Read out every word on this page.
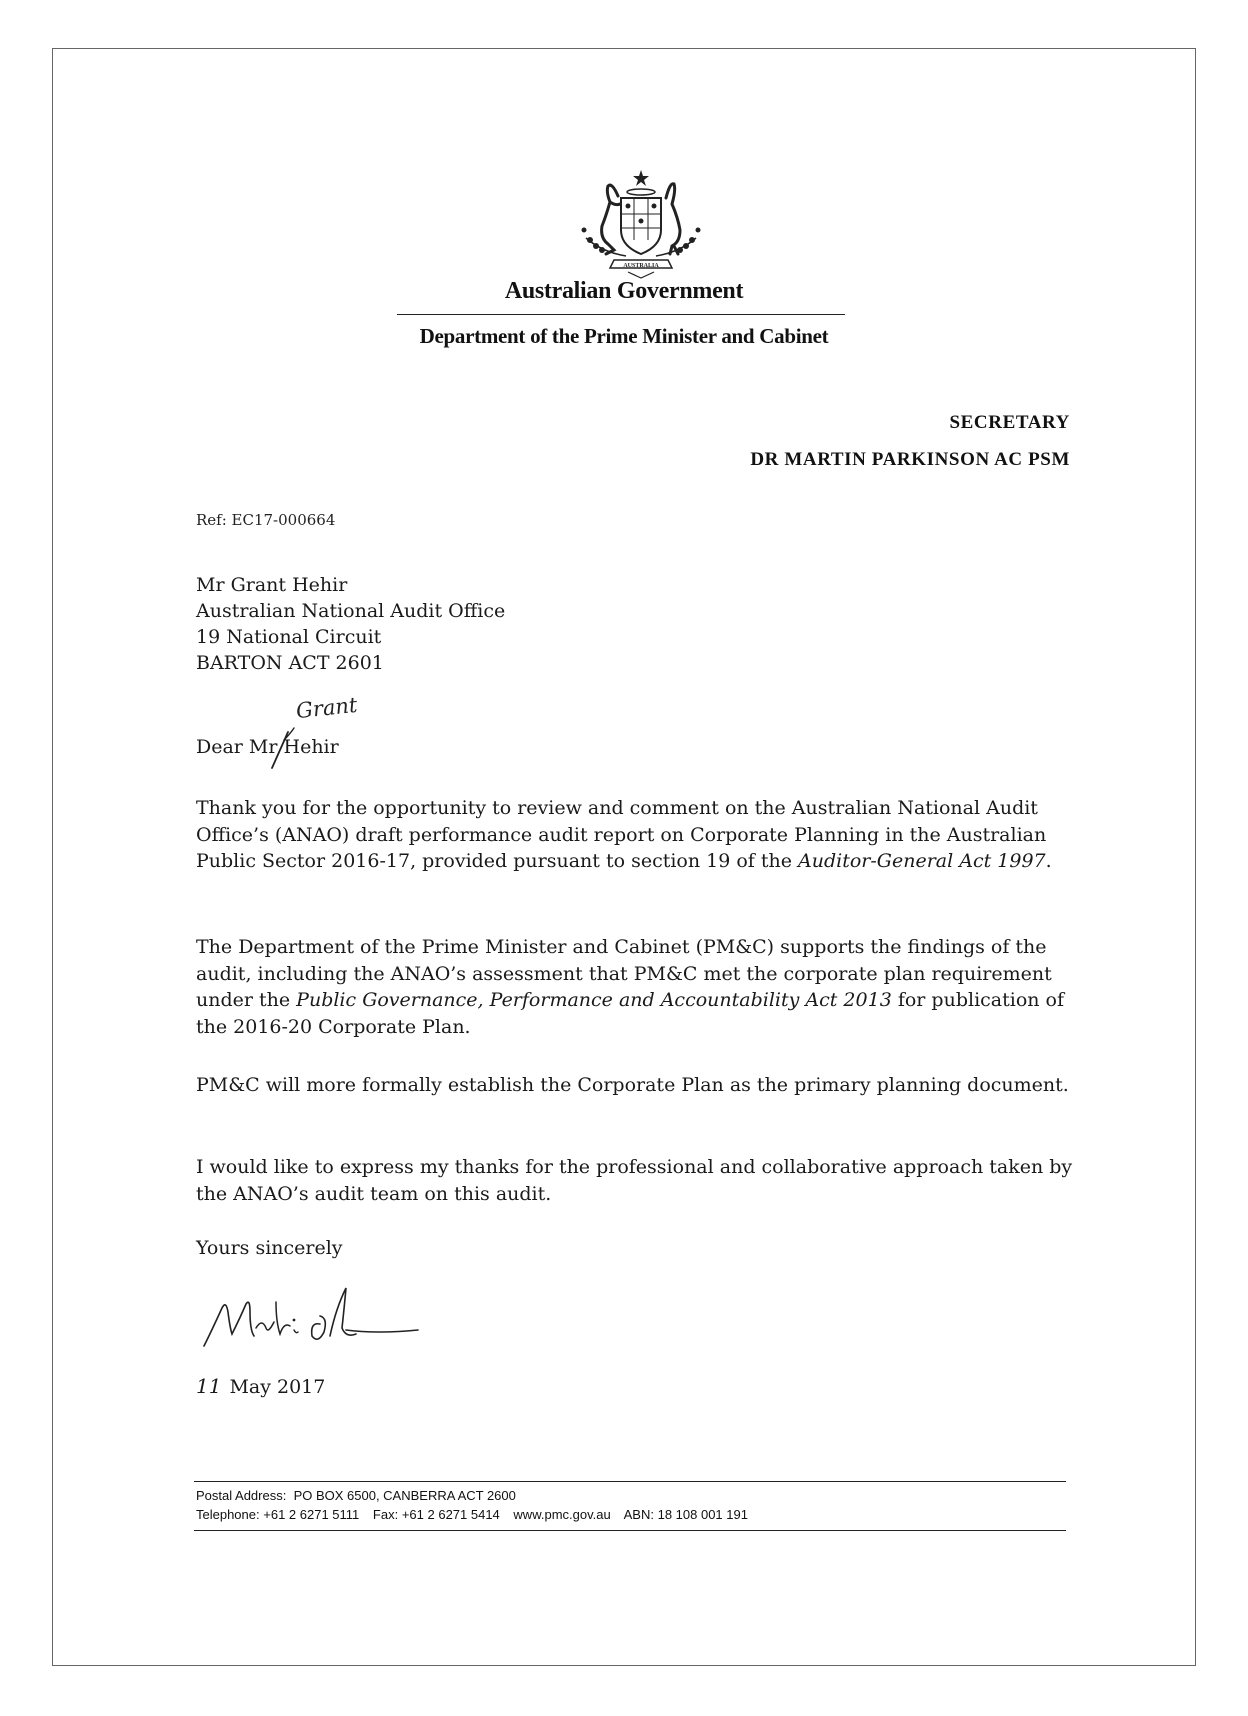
AUSTRALIA
Australian Government
Department of the Prime Minister and Cabinet
SECRETARY
DR MARTIN PARKINSON AC PSM
Ref: EC17-000664
Mr Grant Hehir
Australian National Audit Office
19 National Circuit
BARTON ACT 2601
Dear Mr Hehir
Grant

Thank you for the opportunity to review and comment on the Australian National Audit Office’s (ANAO) draft performance audit report on Corporate Planning in the Australian Public Sector 2016-17, provided pursuant to section 19 of the Auditor-General Act 1997.

The Department of the Prime Minister and Cabinet (PM&C) supports the findings of the audit, including the ANAO’s assessment that PM&C met the corporate plan requirement under the Public Governance, Performance and Accountability Act 2013 for publication of the 2016-20 Corporate Plan.

PM&C will more formally establish the Corporate Plan as the primary planning document.

I would like to express my thanks for the professional and collaborative approach taken by the ANAO’s audit team on this audit.

Yours sincerely
11 May 2017
Postal Address: PO BOX 6500, CANBERRA ACT 2600
Telephone: +61 2 6271 5111 Fax: +61 2 6271 5414 www.pmc.gov.au ABN: 18 108 001 191
